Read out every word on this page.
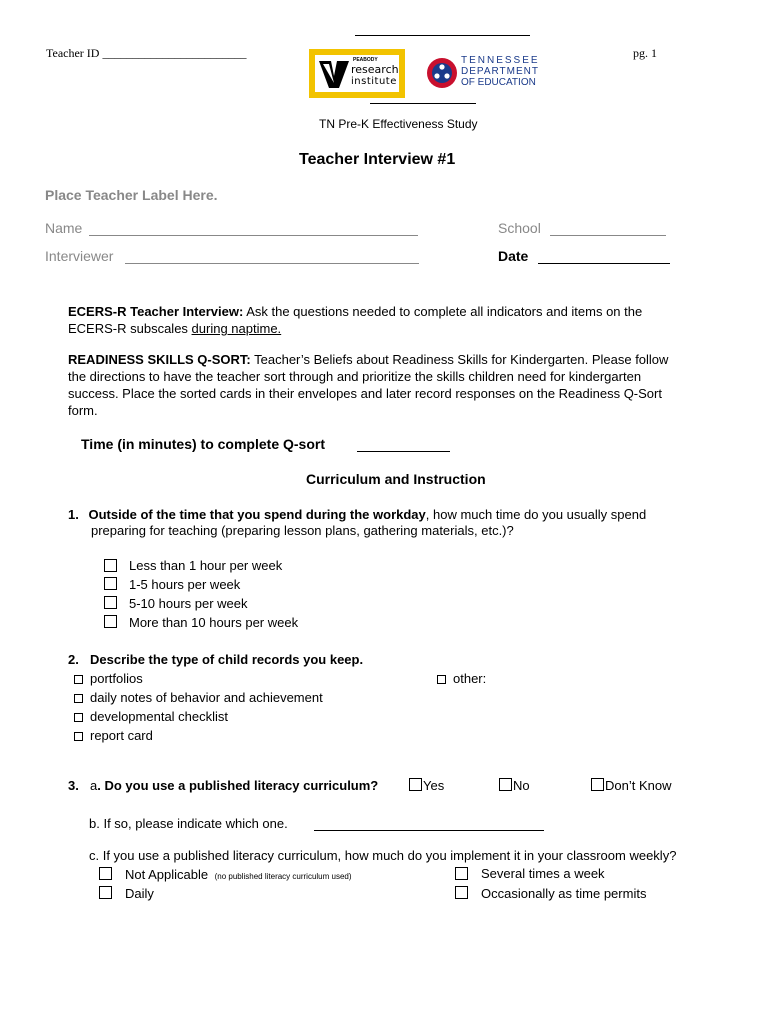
Teacher ID ________________________	pg. 1
PEABODY
research
institute
TENNESSEE
DEPARTMENT
OF EDUCATION
TN Pre-K Effectiveness Study
Teacher Interview #1
Place Teacher Label Here.
Name	School
Interviewer	Date
ECERS-R Teacher Interview: Ask the questions needed to complete all indicators and items on the
ECERS-R subscales during naptime.
READINESS SKILLS Q-SORT: Teacher’s Beliefs about Readiness Skills for Kindergarten. Please follow
the directions to have the teacher sort through and prioritize the skills children need for kindergarten
success. Place the sorted cards in their envelopes and later record responses on the Readiness Q-Sort
form.
Time (in minutes) to complete Q-sort
Curriculum and Instruction
1. Outside of the time that you spend during the workday, how much time do you usually spend
preparing for teaching (preparing lesson plans, gathering materials, etc.)?
Less than 1 hour per week
1-5 hours per week
5-10 hours per week
More than 10 hours per week
2. Describe the type of child records you keep.
portfolios
daily notes of behavior and achievement
developmental checklist
report card
other:
3. a. Do you use a published literacy curriculum?	Yes	No	Don’t Know
b. If so, please indicate which one.
c. If you use a published literacy curriculum, how much do you implement it in your classroom weekly?
Not Applicable (no published literacy curriculum used)
Daily
Several times a week
Occasionally as time permits
